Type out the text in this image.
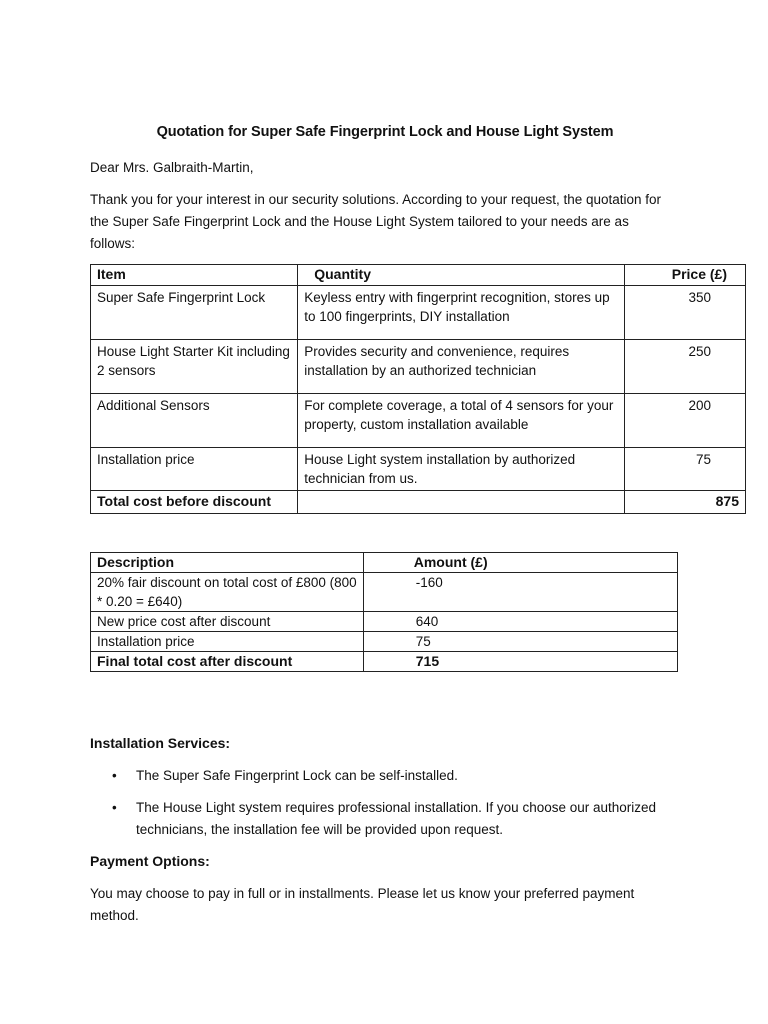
Quotation for Super Safe Fingerprint Lock and House Light System
Dear Mrs. Galbraith-Martin,
Thank you for your interest in our security solutions. According to your request, the quotation for the Super Safe Fingerprint Lock and the House Light System tailored to your needs are as follows:
Item	Quantity	Price (£)
Super Safe Fingerprint Lock	Keyless entry with fingerprint recognition, stores up to 100 fingerprints, DIY installation	350
House Light Starter Kit including 2 sensors	Provides security and convenience, requires installation by an authorized technician	250
Additional Sensors	For complete coverage, a total of 4 sensors for your property, custom installation available	200
Installation price	House Light system installation by authorized technician from us.	75
Total cost before discount		875
Description	Amount (£)
20% fair discount on total cost of £800 (800 * 0.20 = £640)	-160
New price cost after discount	640
Installation price	75
Final total cost after discount	715
Installation Services:
• The Super Safe Fingerprint Lock can be self-installed.
• The House Light system requires professional installation. If you choose our authorized technicians, the installation fee will be provided upon request.
Payment Options:
You may choose to pay in full or in installments. Please let us know your preferred payment method.
